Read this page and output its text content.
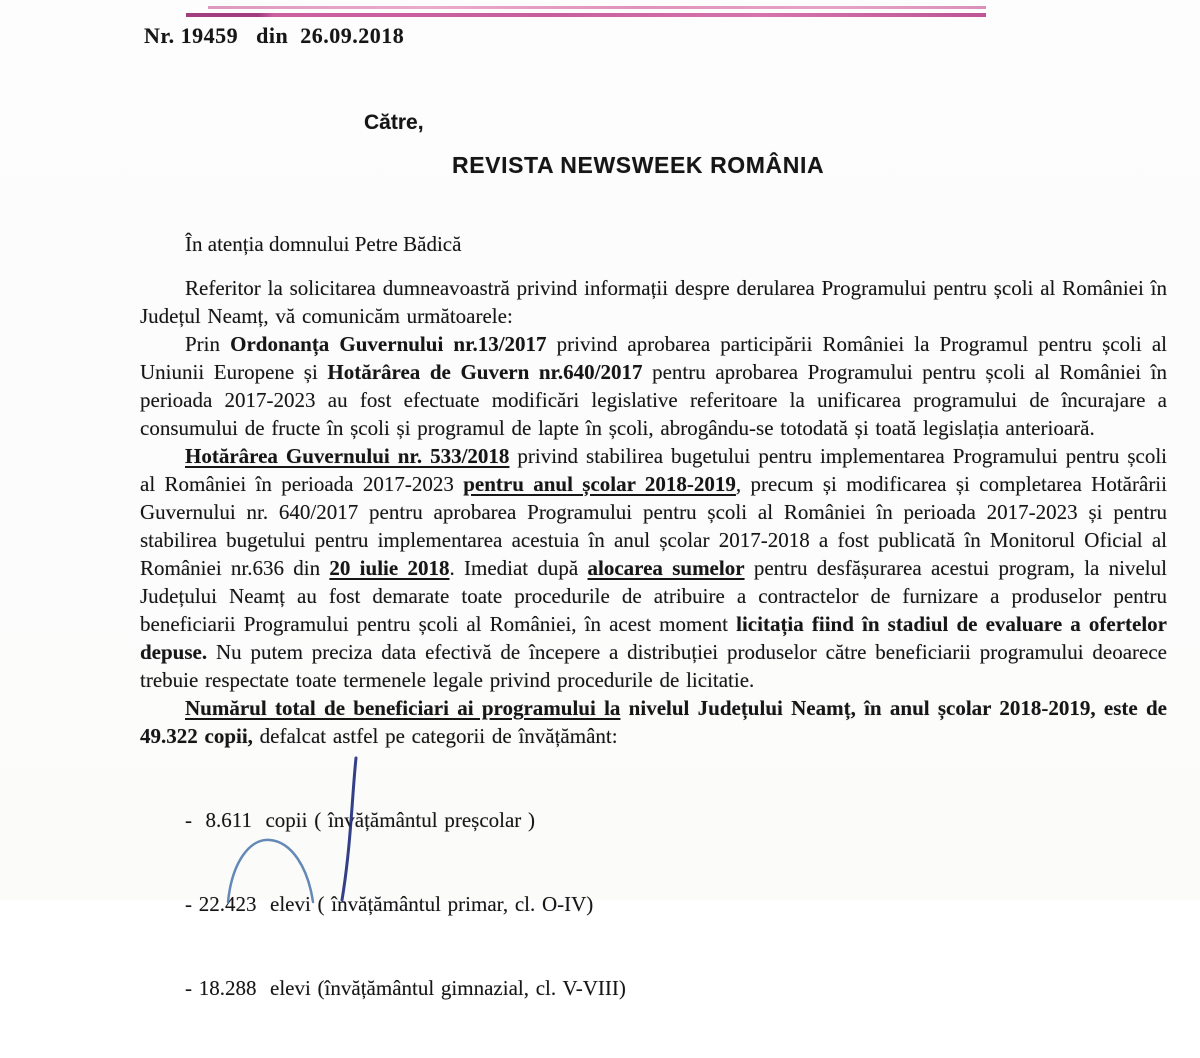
Nr. 19459   din  26.09.2018
Către,
REVISTA NEWSWEEK ROMÂNIA
În atenția domnului Petre Bădică

Referitor la solicitarea dumneavoastră privind informații despre derularea Programului pentru școli al României în Județul Neamț, vă comunicăm următoarele:

Prin Ordonanța Guvernului nr.13/2017 privind aprobarea participării României la Programul pentru școli al Uniunii Europene și Hotărârea de Guvern nr.640/2017 pentru aprobarea Programului pentru școli al României în perioada 2017-2023 au fost efectuate modificări legislative referitoare la unificarea programului de încurajare a consumului de fructe în școli și programul de lapte în școli, abrogându-se totodată și toată legislația anterioară.

Hotărârea Guvernului nr. 533/2018 privind stabilirea bugetului pentru implementarea Programului pentru școli al României în perioada 2017-2023 pentru anul școlar 2018-2019, precum și modificarea și completarea Hotărârii Guvernului nr. 640/2017 pentru aprobarea Programului pentru școli al României în perioada 2017-2023 și pentru stabilirea bugetului pentru implementarea acestuia în anul școlar 2017-2018 a fost publicată în Monitorul Oficial al României nr.636 din 20 iulie 2018. Imediat după alocarea sumelor pentru desfășurarea acestui program, la nivelul Județului Neamț au fost demarate toate procedurile de atribuire a contractelor de furnizare a produselor pentru beneficiarii Programului pentru școli al României, în acest moment licitația fiind în stadiul de evaluare a ofertelor depuse. Nu putem preciza data efectivă de începere a distribuției produselor către beneficiarii programului deoarece trebuie respectate toate termenele legale privind procedurile de licitatie.

Numărul total de beneficiari ai programului la nivelul Județului Neamț, în anul școlar 2018-2019, este de 49.322 copii, defalcat astfel pe categorii de învățământ:

-  8.611  copii ( învățământul preșcolar )

- 22.423  elevi ( învățământul primar, cl. O-IV)

- 18.288  elevi (învățământul gimnazial, cl. V-VIII)
